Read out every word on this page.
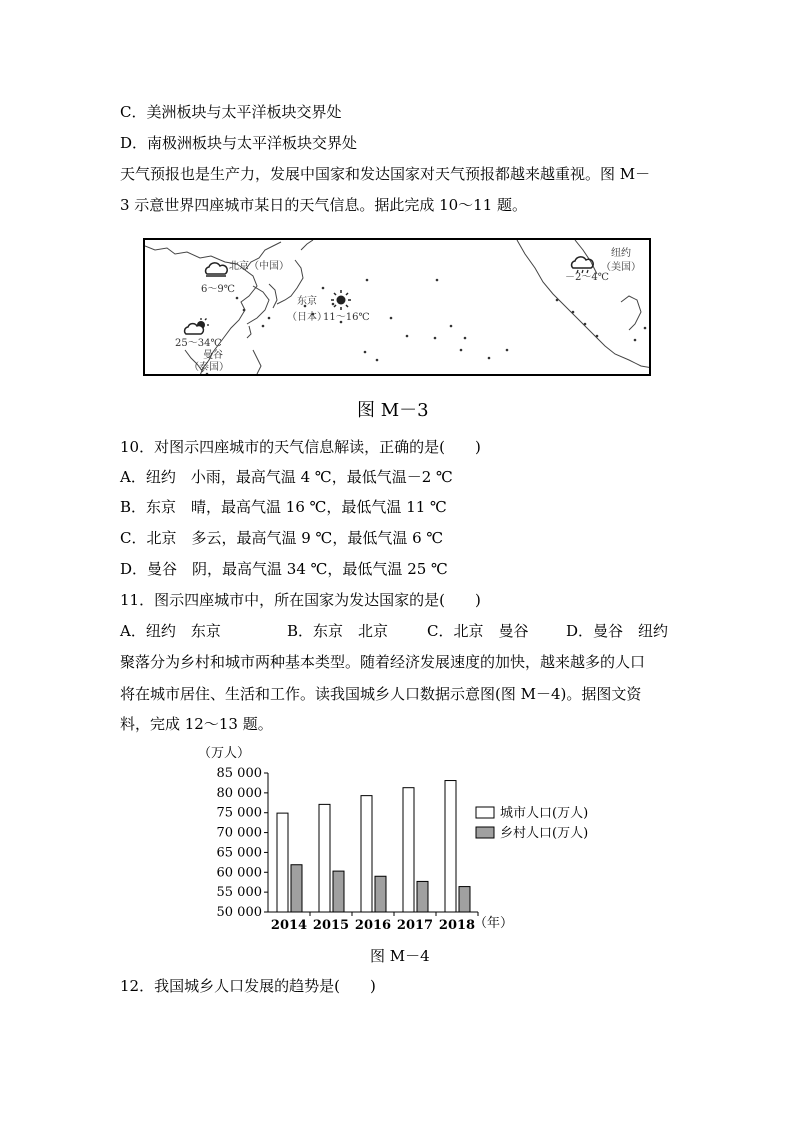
C．美洲板块与太平洋板块交界处
D．南极洲板块与太平洋板块交界处
天气预报也是生产力，发展中国家和发达国家对天气预报都越来越重视。图 M－
3 示意世界四座城市某日的天气信息。据此完成 10～11 题。
北京（中国）
6～9℃
东京
（日本）
11～16℃
25～34℃
曼谷
（泰国）
纽约
（美国）
－2～4℃
图 M－3
10．对图示四座城市的天气信息解读，正确的是(　　)
A．纽约　小雨，最高气温 4 ℃，最低气温－2 ℃
B．东京　晴，最高气温 16 ℃，最低气温 11 ℃
C．北京　多云，最高气温 9 ℃，最低气温 6 ℃
D．曼谷　阴，最高气温 34 ℃，最低气温 25 ℃
11．图示四座城市中，所在国家为发达国家的是(　　)
A．纽约　东京	B．东京　北京	C．北京　曼谷	D．曼谷　纽约
聚落分为乡村和城市两种基本类型。随着经济发展速度的加快，越来越多的人口
将在城市居住、生活和工作。读我国城乡人口数据示意图(图 M－4)。据图文资
料，完成 12～13 题。
（万人）
50 000
55 000
60 000
65 000
70 000
75 000
80 000
85 000
2014 2015 2016 2017 2018
（年）
城市人口(万人)
乡村人口(万人)
图 M－4
12．我国城乡人口发展的趋势是(　　)
